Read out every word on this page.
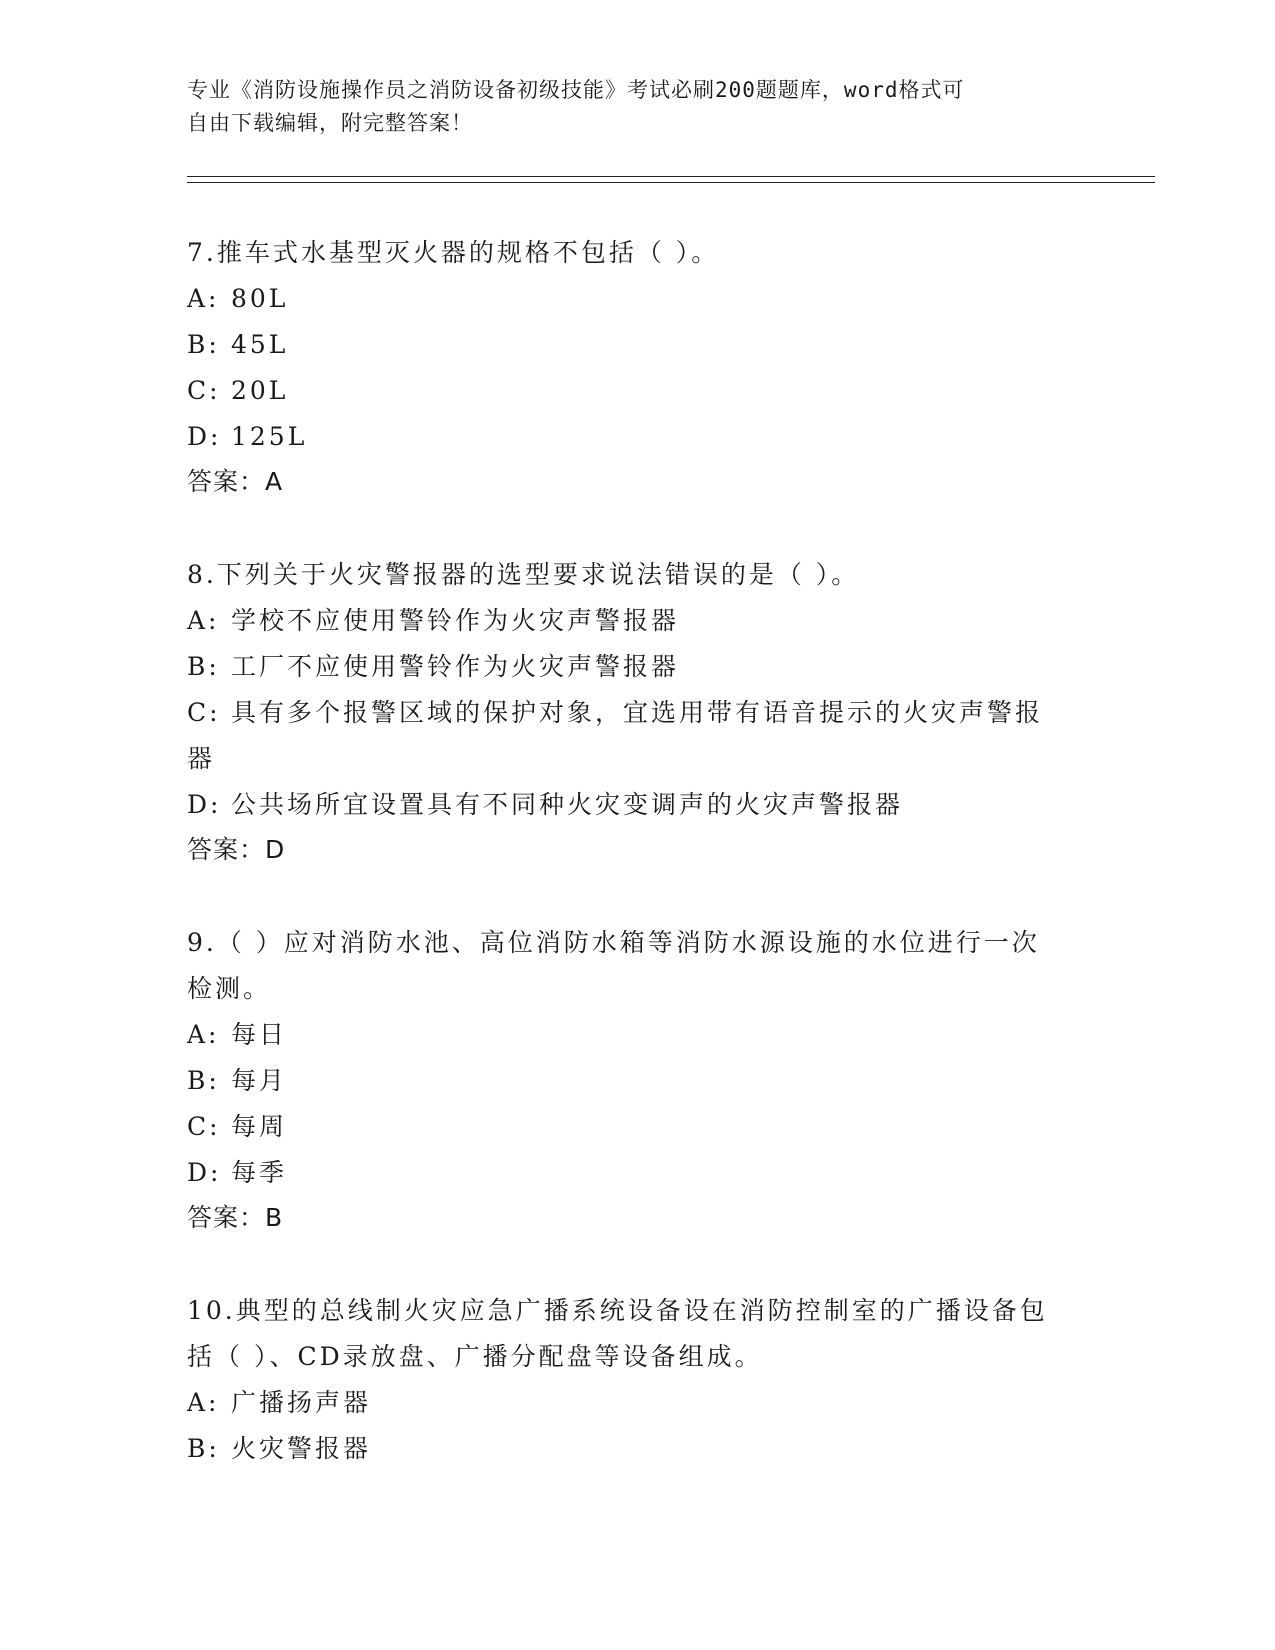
专业《消防设施操作员之消防设备初级技能》考试必刷200题题库，word格式可
自由下载编辑，附完整答案！
7.推车式水基型灭火器的规格不包括（ ）。
A: 80L
B: 45L
C: 20L
D: 125L
答案：A
8.下列关于火灾警报器的选型要求说法错误的是（ ）。
A: 学校不应使用警铃作为火灾声警报器
B: 工厂不应使用警铃作为火灾声警报器
C: 具有多个报警区域的保护对象，宜选用带有语音提示的火灾声警报器
D: 公共场所宜设置具有不同种火灾变调声的火灾声警报器
答案：D
9.（ ）应对消防水池、高位消防水箱等消防水源设施的水位进行一次检测。
A: 每日
B: 每月
C: 每周
D: 每季
答案：B
10.典型的总线制火灾应急广播系统设备设在消防控制室的广播设备包括（ ）、CD录放盘、广播分配盘等设备组成。
A: 广播扬声器
B: 火灾警报器
